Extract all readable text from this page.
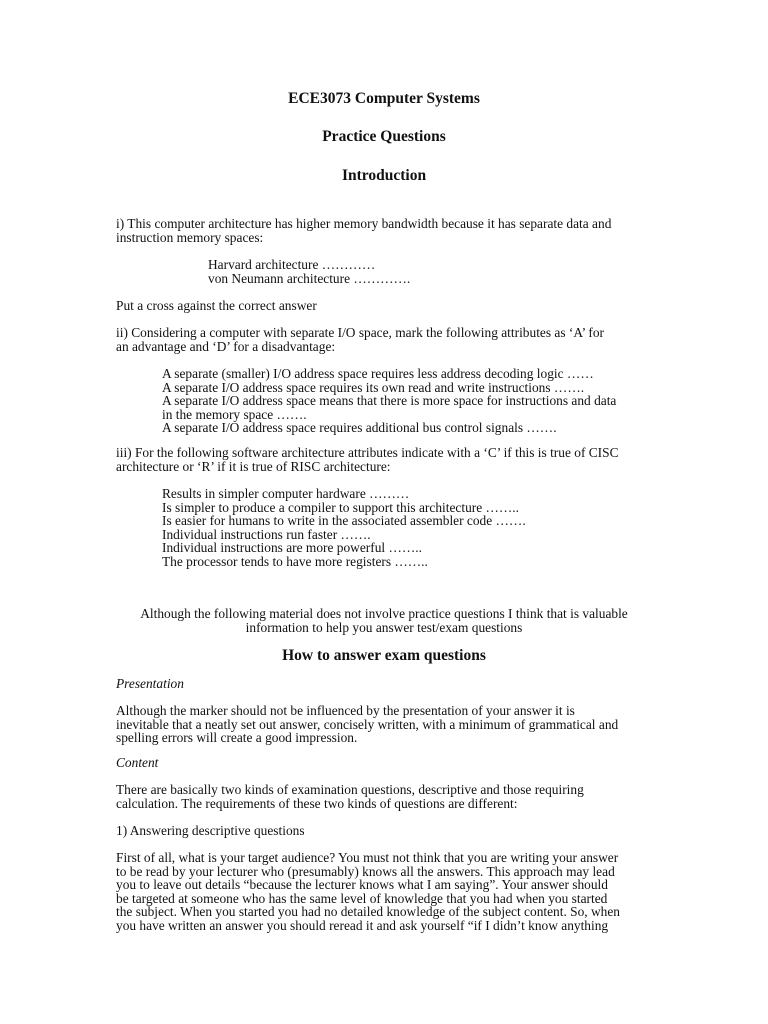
ECE3073 Computer Systems
Practice Questions
Introduction
i) This computer architecture has higher memory bandwidth because it has separate data and
instruction memory spaces:
Harvard architecture …………
von Neumann architecture ………….
Put a cross against the correct answer
ii) Considering a computer with separate I/O space, mark the following attributes as ‘A’ for
an advantage and ‘D’ for a disadvantage:
A separate (smaller) I/O address space requires less address decoding logic ……
A separate I/O address space requires its own read and write instructions …….
A separate I/O address space means that there is more space for instructions and data
in the memory space …….
A separate I/O address space requires additional bus control signals …….
iii) For the following software architecture attributes indicate with a ‘C’ if this is true of CISC
architecture or ‘R’ if it is true of RISC architecture:
Results in simpler computer hardware ………
Is simpler to produce a compiler to support this architecture ……..
Is easier for humans to write in the associated assembler code …….
Individual instructions run faster …….
Individual instructions are more powerful ……..
The processor tends to have more registers ……..
Although the following material does not involve practice questions I think that is valuable
information to help you answer test/exam questions
How to answer exam questions
Presentation
Although the marker should not be influenced by the presentation of your answer it is
inevitable that a neatly set out answer, concisely written, with a minimum of grammatical and
spelling errors will create a good impression.
Content
There are basically two kinds of examination questions, descriptive and those requiring
calculation. The requirements of these two kinds of questions are different:
1) Answering descriptive questions
First of all, what is your target audience? You must not think that you are writing your answer
to be read by your lecturer who (presumably) knows all the answers. This approach may lead
you to leave out details “because the lecturer knows what I am saying”. Your answer should
be targeted at someone who has the same level of knowledge that you had when you started
the subject. When you started you had no detailed knowledge of the subject content. So, when
you have written an answer you should reread it and ask yourself “if I didn’t know anything
